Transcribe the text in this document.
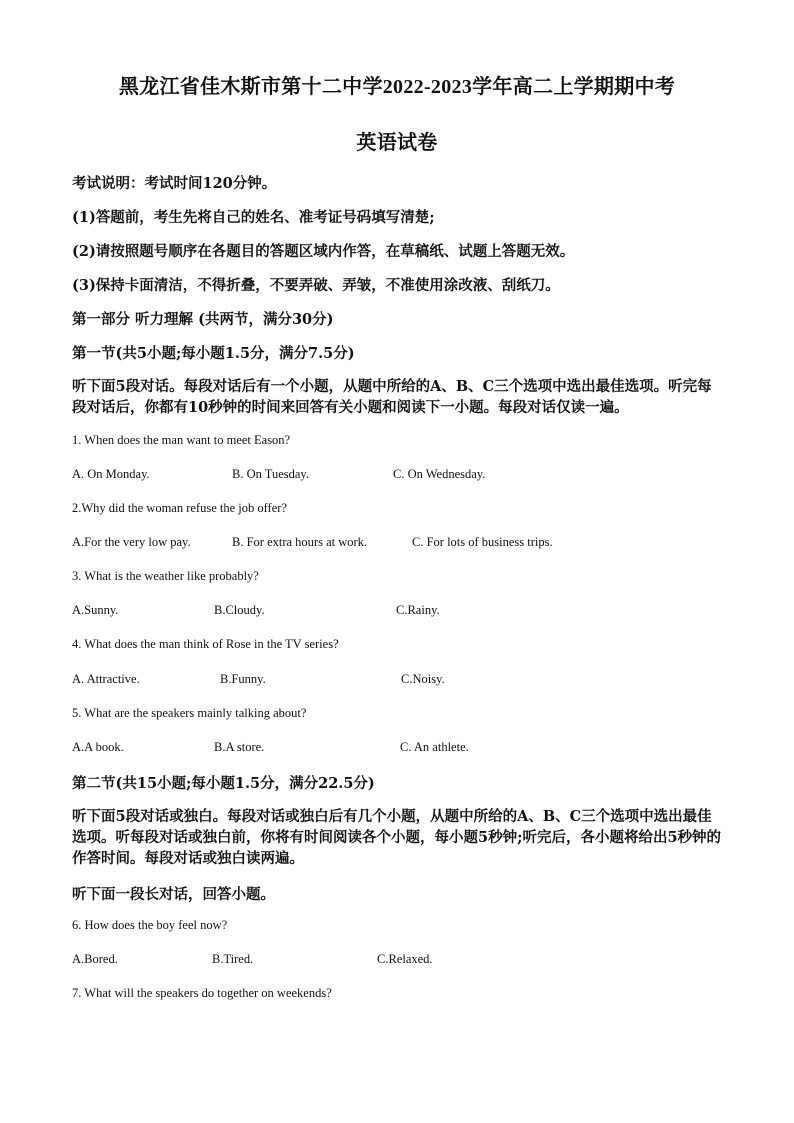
黑龙江省佳木斯市第十二中学2022-2023学年高二上学期期中考
英语试卷
考试说明：考试时间120分钟。
(1)答题前，考生先将自己的姓名、准考证号码填写清楚;
(2)请按照题号顺序在各题目的答题区域内作答，在草稿纸、试题上答题无效。
(3)保持卡面清洁，不得折叠，不要弄破、弄皱，不准使用涂改液、刮纸刀。
第一部分 听力理解 (共两节，满分30分)
第一节(共5小题;每小题1.5分，满分7.5分)
听下面5段对话。每段对话后有一个小题，从题中所给的A、B、C三个选项中选出最佳选项。听完每段对话后，你都有10秒钟的时间来回答有关小题和阅读下一小题。每段对话仅读一遍。
1. When does the man want to meet Eason?
A. On Monday.	B. On Tuesday.	C. On Wednesday.
2.Why did the woman refuse the job offer?
A.For the very low pay.	B. For extra hours at work.	C. For lots of business trips.
3. What is the weather like probably?
A.Sunny.	B.Cloudy.	C.Rainy.
4. What does the man think of Rose in the TV series?
A. Attractive.	B.Funny.	C.Noisy.
5. What are the speakers mainly talking about?
A.A book.	B.A store.	C. An athlete.
第二节(共15小题;每小题1.5分，满分22.5分)
听下面5段对话或独白。每段对话或独白后有几个小题，从题中所给的A、B、C三个选项中选出最佳选项。听每段对话或独白前，你将有时间阅读各个小题，每小题5秒钟;听完后，各小题将给出5秒钟的作答时间。每段对话或独白读两遍。
听下面一段长对话，回答小题。
6. How does the boy feel now?
A.Bored.	B.Tired.	C.Relaxed.
7. What will the speakers do together on weekends?
